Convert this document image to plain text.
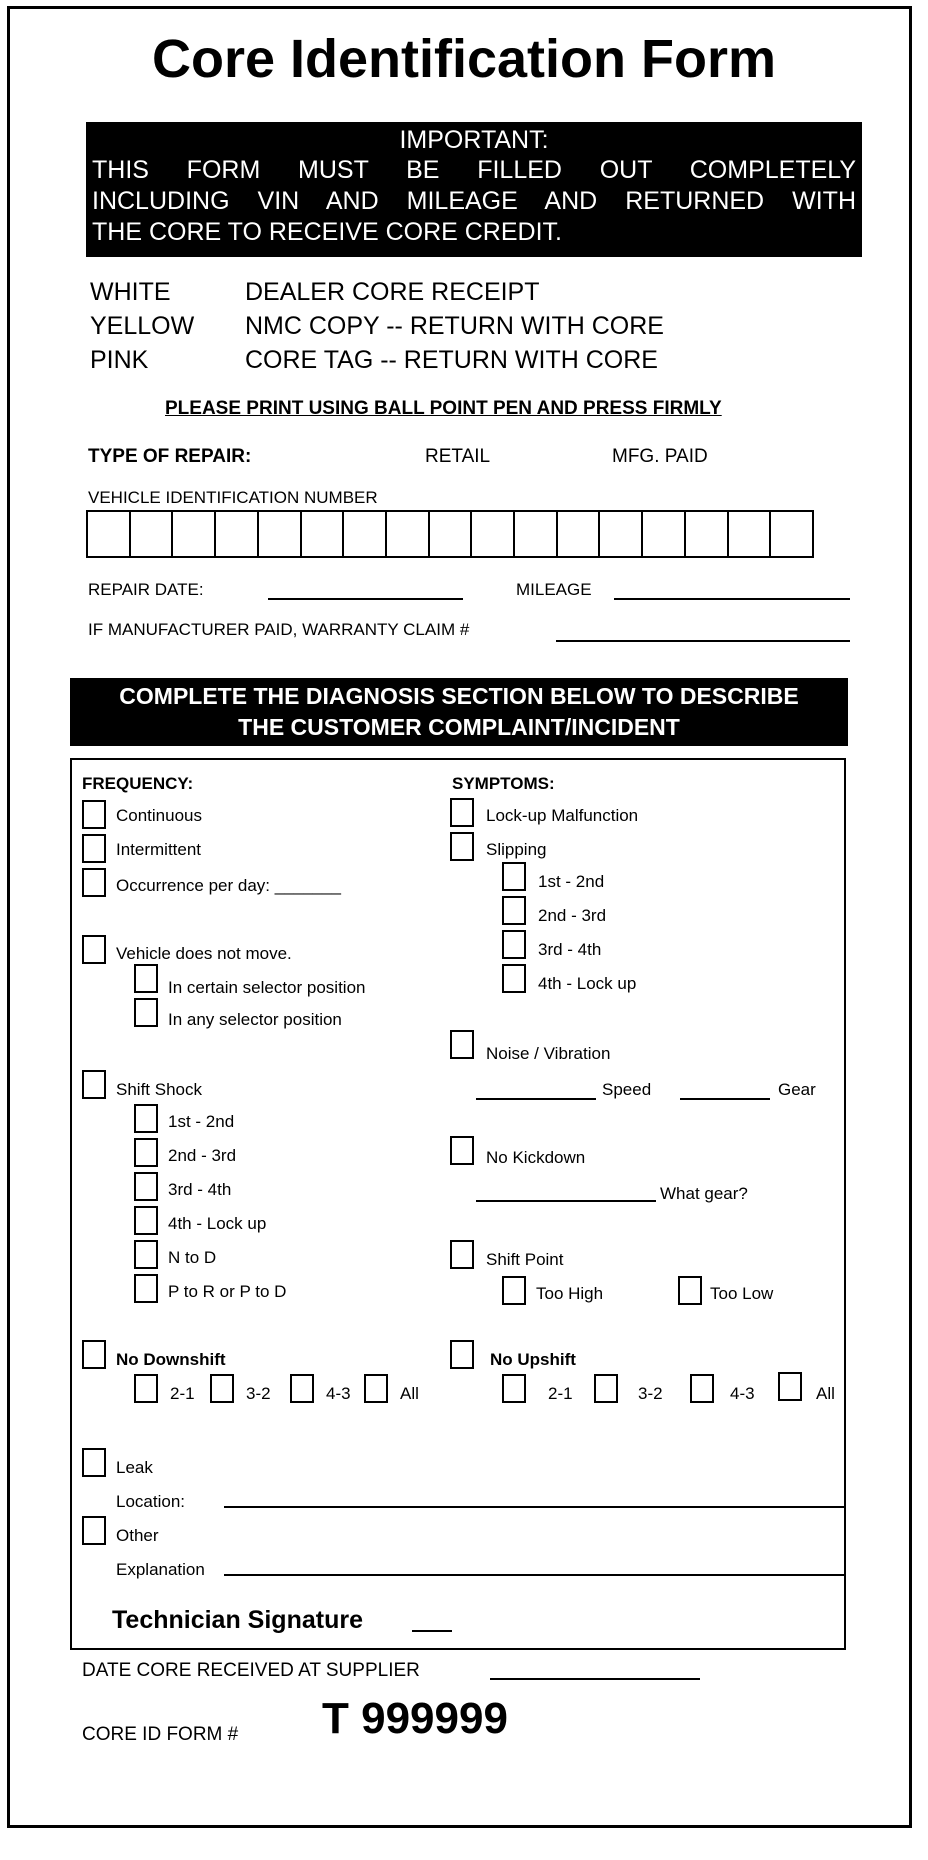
Core Identification Form
IMPORTANT:
THIS FORM MUST BE FILLED OUT COMPLETELY
INCLUDING VIN AND MILEAGE AND RETURNED WITH
THE CORE TO RECEIVE CORE CREDIT.
WHITE	DEALER CORE RECEIPT
YELLOW NMC COPY -- RETURN WITH CORE
PINK	CORE TAG -- RETURN WITH CORE
PLEASE PRINT USING BALL POINT PEN AND PRESS FIRMLY
TYPE OF REPAIR:	RETAIL	MFG. PAID
VEHICLE IDENTIFICATION NUMBER
REPAIR DATE:	MILEAGE
IF MANUFACTURER PAID, WARRANTY CLAIM #
COMPLETE THE DIAGNOSIS SECTION BELOW TO DESCRIBE
THE CUSTOMER COMPLAINT/INCIDENT
FREQUENCY:
Continuous
Intermittent
Occurrence per day: _______
Vehicle does not move.
In certain selector position
In any selector position
Shift Shock
1st - 2nd
2nd - 3rd
3rd - 4th
4th - Lock up
N to D
P to R or P to D
No Downshift
2-1	3-2	4-3	All
Leak
Location:
Other
Explanation
SYMPTOMS:
Lock-up Malfunction
Slipping
1st - 2nd
2nd - 3rd
3rd - 4th
4th - Lock up
Noise / Vibration
Speed	Gear
No Kickdown
What gear?
Shift Point
Too High	Too Low
No Upshift
2-1	3-2	4-3	All
Technician Signature
DATE CORE RECEIVED AT SUPPLIER
CORE ID FORM # T 999999
